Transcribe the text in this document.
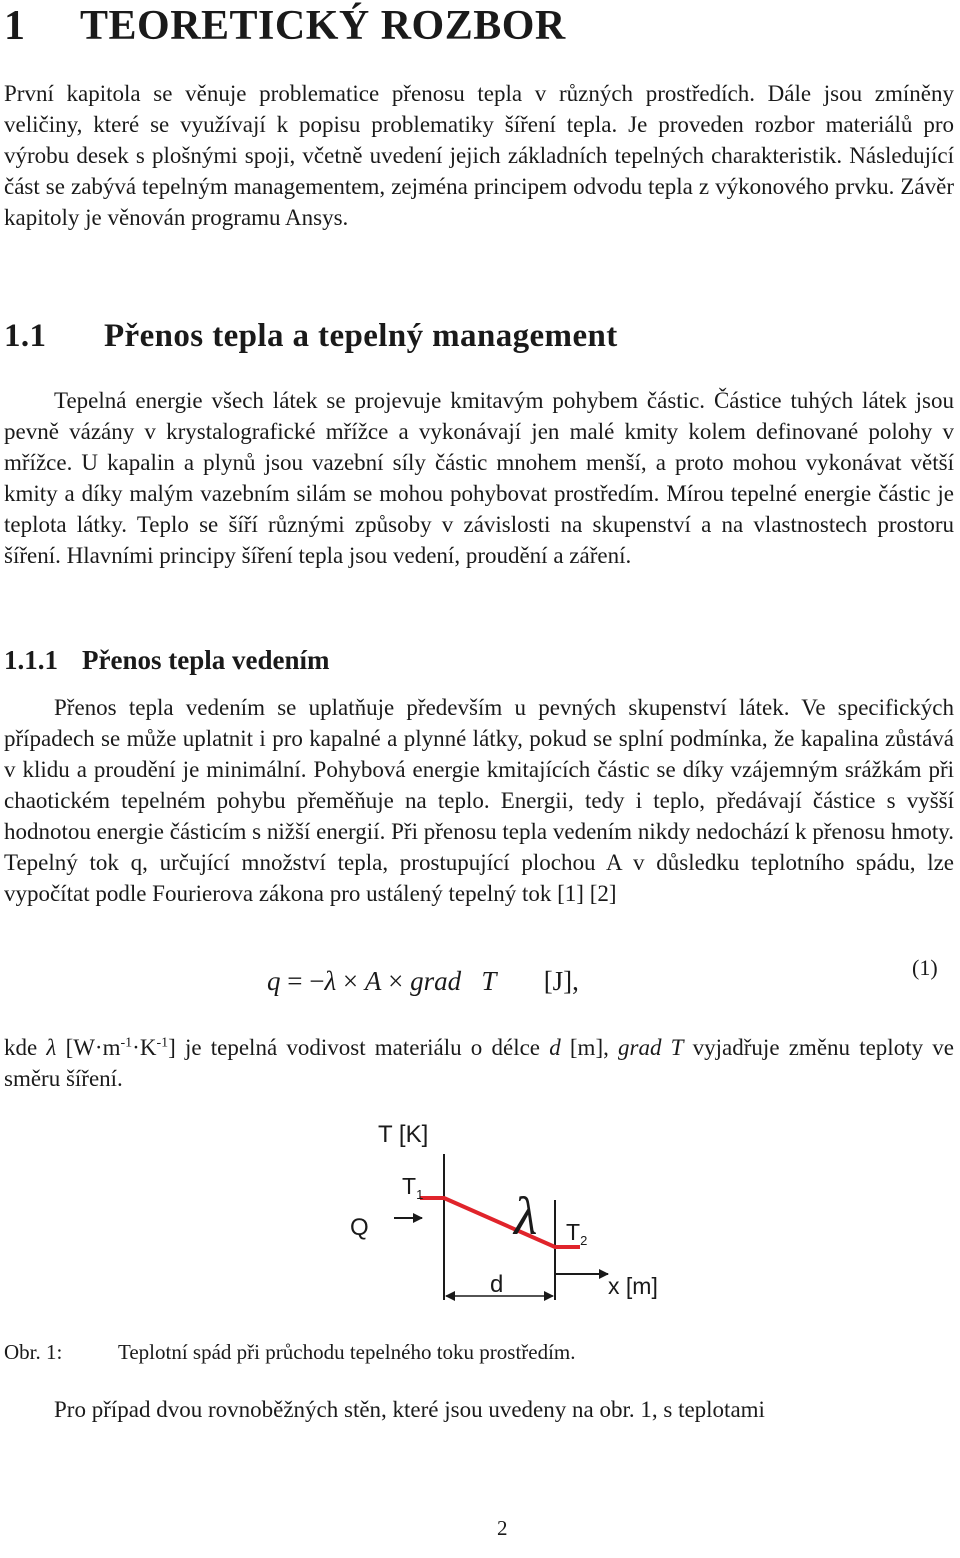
1 TEORETICKÝ ROZBOR

První kapitola se věnuje problematice přenosu tepla v různých prostředích. Dále jsou zmíněny veličiny, které se využívají k popisu problematiky šíření tepla. Je proveden rozbor materiálů pro výrobu desek s plošnými spoji, včetně uvedení jejich základních tepelných charakteristik. Následující část se zabývá tepelným managementem, zejména principem odvodu tepla z výkonového prvku. Závěr kapitoly je věnován programu Ansys.

1.1 Přenos tepla a tepelný management

Tepelná energie všech látek se projevuje kmitavým pohybem částic. Částice tuhých látek jsou pevně vázány v krystalografické mřížce a vykonávají jen malé kmity kolem definované polohy v mřížce. U kapalin a plynů jsou vazební síly částic mnohem menší, a proto mohou vykonávat větší kmity a díky malým vazebním silám se mohou pohybovat prostředím. Mírou tepelné energie částic je teplota látky. Teplo se šíří různými způsoby v závislosti na skupenství a na vlastnostech prostoru šíření. Hlavními principy šíření tepla jsou vedení, proudění a záření.

1.1.1 Přenos tepla vedením

Přenos tepla vedením se uplatňuje především u pevných skupenství látek. Ve specifických případech se může uplatnit i pro kapalné a plynné látky, pokud se splní podmínka, že kapalina zůstává v klidu a proudění je minimální. Pohybová energie kmitajících částic se díky vzájemným srážkám při chaotickém tepelném pohybu přeměňuje na teplo. Energii, tedy i teplo, předávají částice s vyšší hodnotou energie částicím s nižší energií. Při přenosu tepla vedením nikdy nedochází k přenosu hmoty. Tepelný tok q, určující množství tepla, prostupující plochou A v důsledku teplotního spádu, lze vypočítat podle Fourierova zákona pro ustálený tepelný tok [1] [2]

q = −λ × A × grad T [J],	(1)

kde λ $[W\cdot m^{-1}\cdot K^{-1}]$ je tepelná vodivost materiálu o délce d [m], grad T vyjadřuje změnu teploty ve směru šíření.

T [K]
$T_1$
$T_2$
Q	λ
d	x [m]
Obr. 1:	Teplotní spád při průchodu tepelného toku prostředím.

Pro případ dvou rovnoběžných stěn, které jsou uvedeny na obr. 1, s teplotami

2
